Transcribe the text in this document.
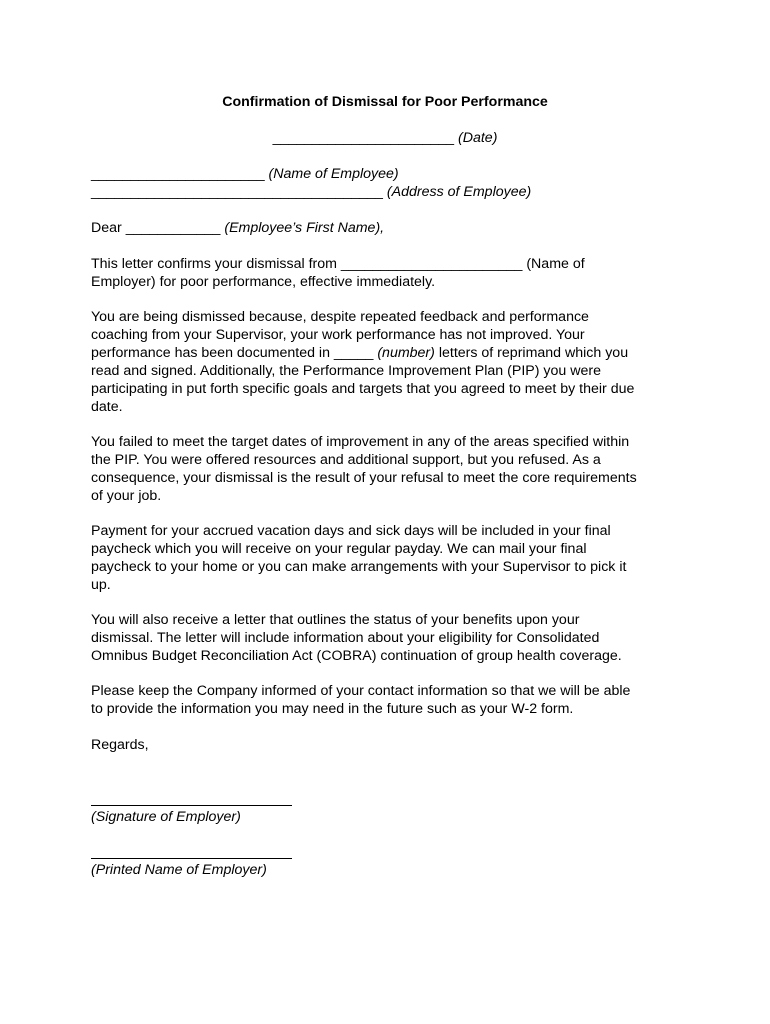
Confirmation of Dismissal for Poor Performance
_______________________ (Date)
______________________ (Name of Employee)
_____________________________________ (Address of Employee)
Dear ____________ (Employee’s First Name),
This letter confirms your dismissal from _______________________ (Name of
Employer) for poor performance, effective immediately.
You are being dismissed because, despite repeated feedback and performance
coaching from your Supervisor, your work performance has not improved. Your
performance has been documented in _____ (number) letters of reprimand which you
read and signed. Additionally, the Performance Improvement Plan (PIP) you were
participating in put forth specific goals and targets that you agreed to meet by their due
date.
You failed to meet the target dates of improvement in any of the areas specified within
the PIP. You were offered resources and additional support, but you refused. As a
consequence, your dismissal is the result of your refusal to meet the core requirements
of your job.
Payment for your accrued vacation days and sick days will be included in your final
paycheck which you will receive on your regular payday. We can mail your final
paycheck to your home or you can make arrangements with your Supervisor to pick it
up.
You will also receive a letter that outlines the status of your benefits upon your
dismissal. The letter will include information about your eligibility for Consolidated
Omnibus Budget Reconciliation Act (COBRA) continuation of group health coverage.
Please keep the Company informed of your contact information so that we will be able
to provide the information you may need in the future such as your W-2 form.
Regards,
(Signature of Employer)
(Printed Name of Employer)
